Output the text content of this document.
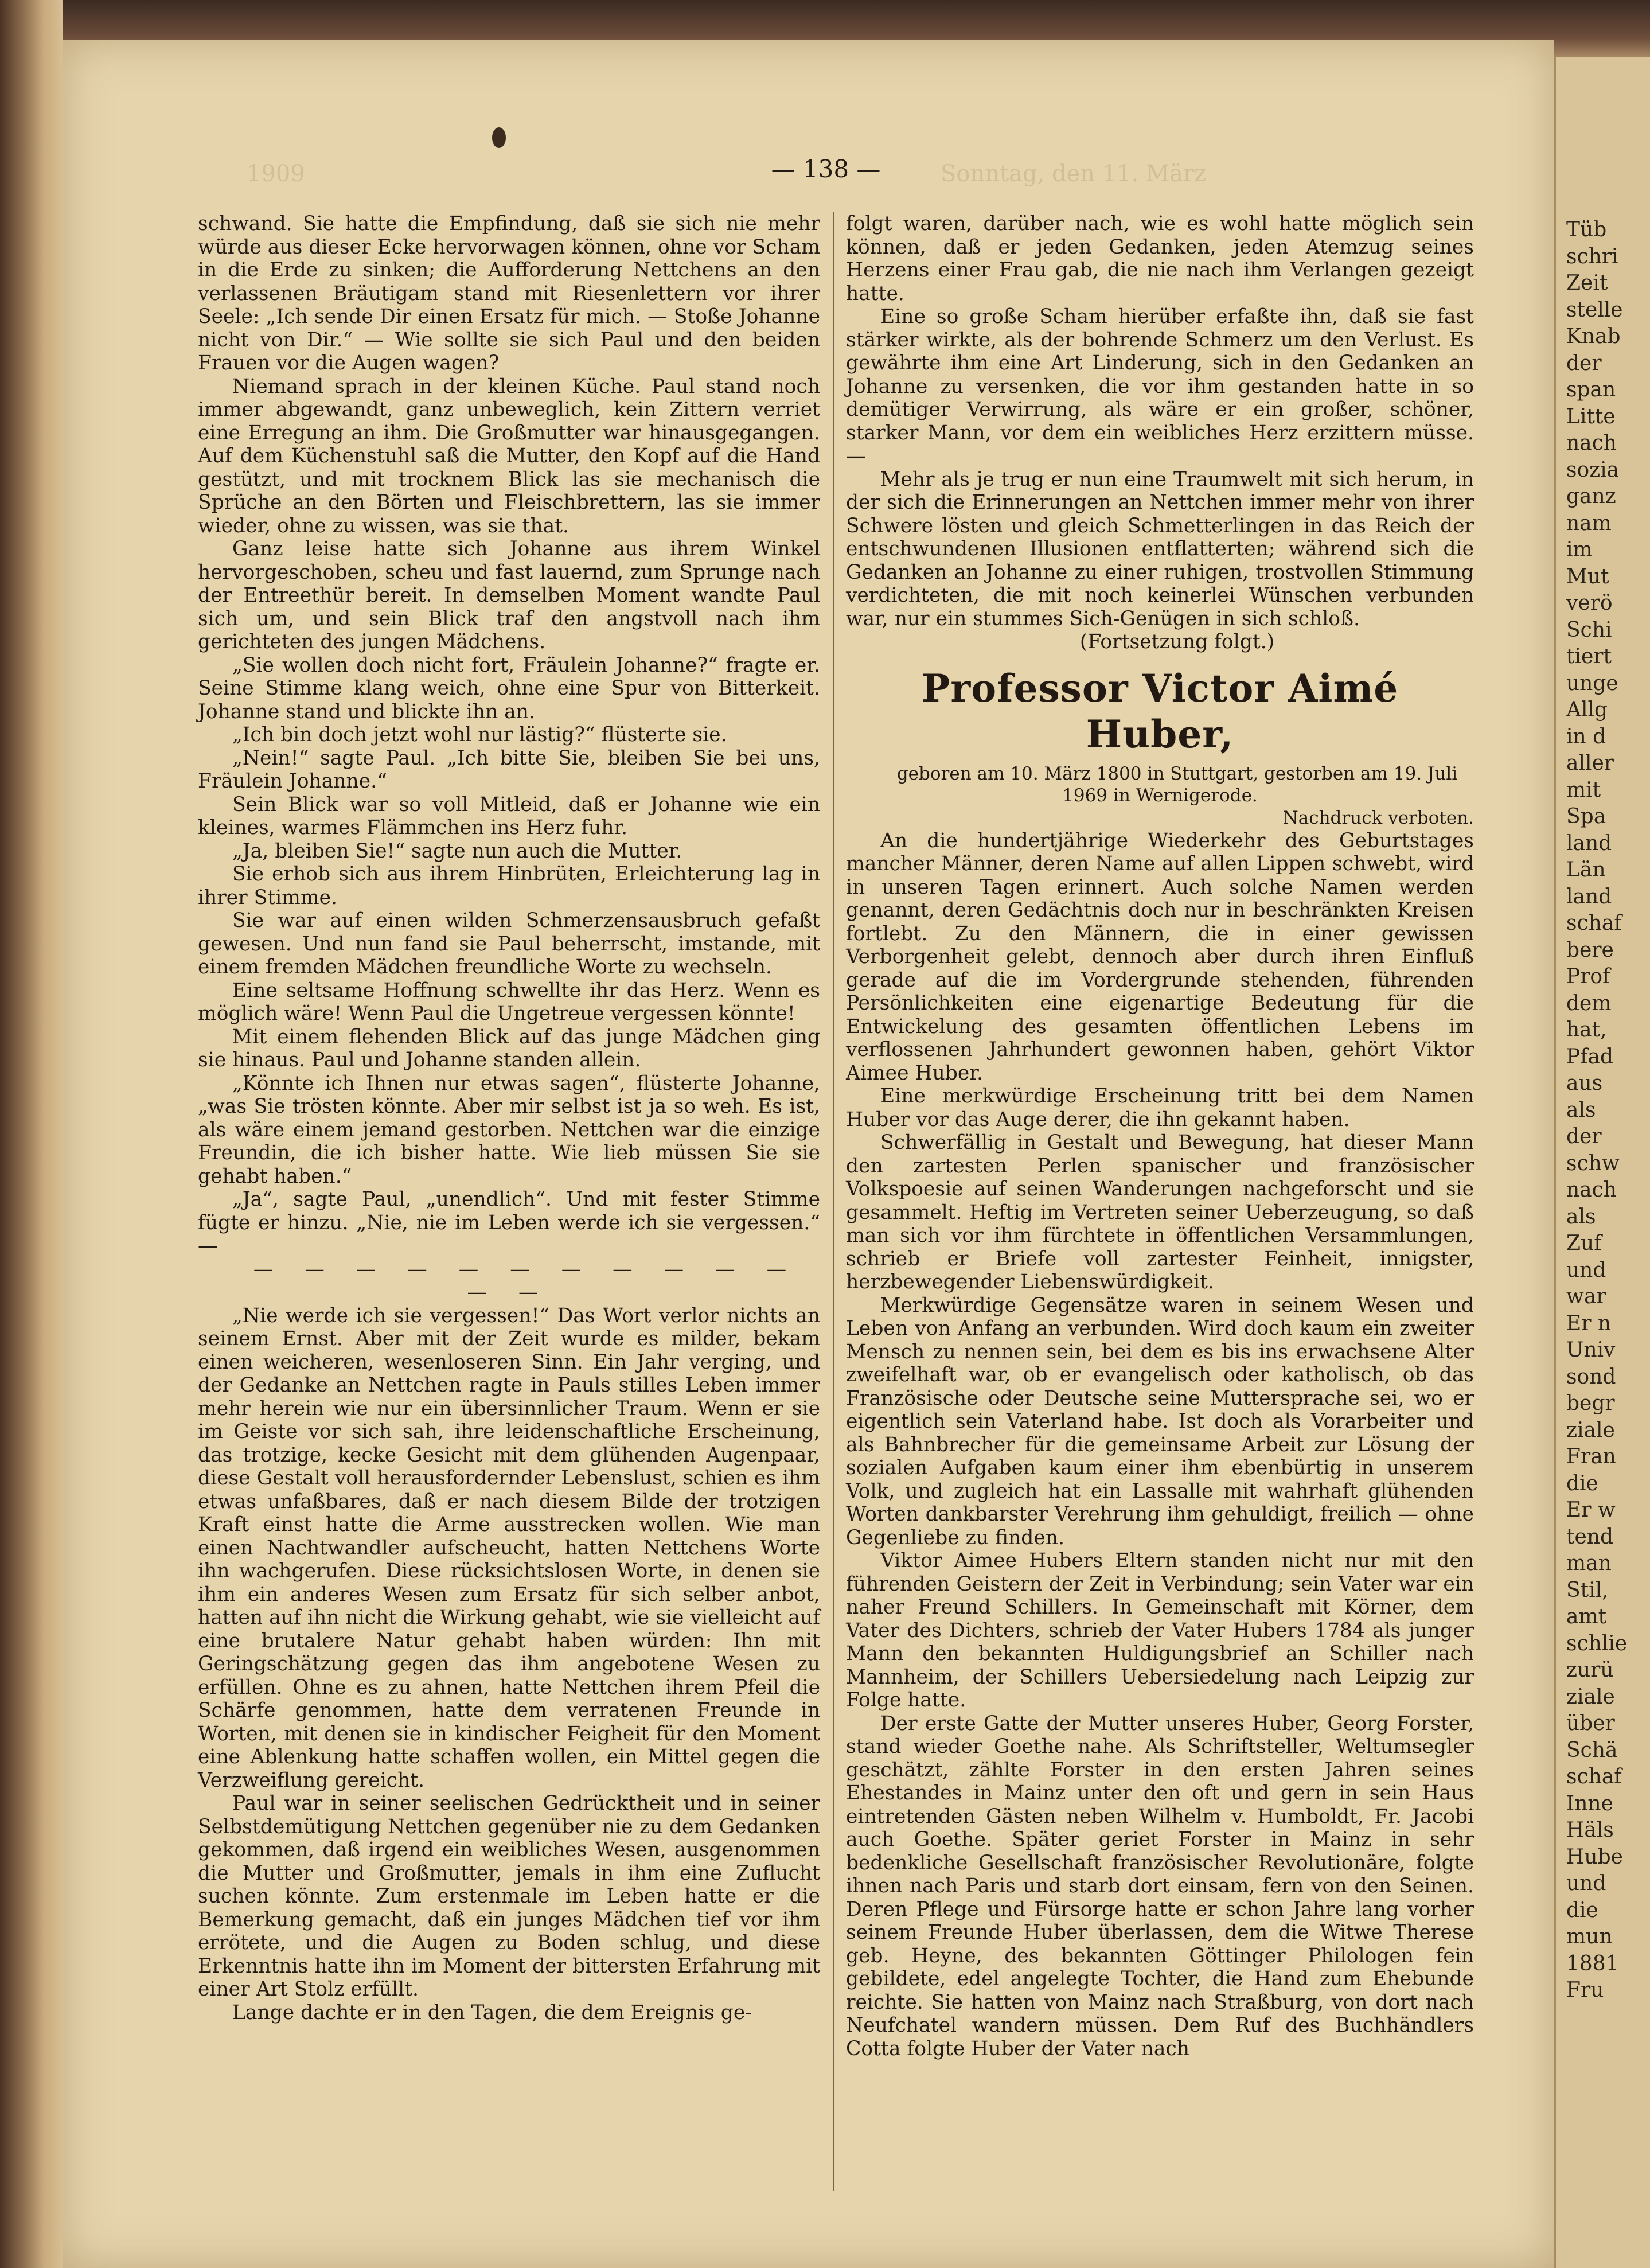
1909	Sonntag, den 11. März
— 138 —

schwand. Sie hatte die Empfindung, daß sie sich nie mehr würde aus dieser Ecke hervorwagen können, ohne vor Scham in die Erde zu sinken; die Aufforderung Nettchens an den verlassenen Bräutigam stand mit Riesenlettern vor ihrer Seele: „Ich sende Dir einen Ersatz für mich. — Stoße Johanne nicht von Dir.“ — Wie sollte sie sich Paul und den beiden Frauen vor die Augen wagen?

Niemand sprach in der kleinen Küche. Paul stand noch immer abgewandt, ganz unbeweglich, kein Zittern verriet eine Erregung an ihm. Die Großmutter war hinausgegangen. Auf dem Küchenstuhl saß die Mutter, den Kopf auf die Hand gestützt, und mit trocknem Blick las sie mechanisch die Sprüche an den Börten und Fleischbrettern, las sie immer wieder, ohne zu wissen, was sie that.

Ganz leise hatte sich Johanne aus ihrem Winkel hervorgeschoben, scheu und fast lauernd, zum Sprunge nach der Entreethür bereit. In demselben Moment wandte Paul sich um, und sein Blick traf den angstvoll nach ihm gerichteten des jungen Mädchens.

„Sie wollen doch nicht fort, Fräulein Johanne?“ fragte er. Seine Stimme klang weich, ohne eine Spur von Bitterkeit. Johanne stand und blickte ihn an.

„Ich bin doch jetzt wohl nur lästig?“ flüsterte sie.

„Nein!“ sagte Paul. „Ich bitte Sie, bleiben Sie bei uns, Fräulein Johanne.“

Sein Blick war so voll Mitleid, daß er Johanne wie ein kleines, warmes Flämmchen ins Herz fuhr.

„Ja, bleiben Sie!“ sagte nun auch die Mutter.

Sie erhob sich aus ihrem Hinbrüten, Erleichterung lag in ihrer Stimme.

Sie war auf einen wilden Schmerzensausbruch gefaßt gewesen. Und nun fand sie Paul beherrscht, imstande, mit einem fremden Mädchen freundliche Worte zu wechseln.

Eine seltsame Hoffnung schwellte ihr das Herz. Wenn es möglich wäre! Wenn Paul die Ungetreue vergessen könnte!

Mit einem flehenden Blick auf das junge Mädchen ging sie hinaus. Paul und Johanne standen allein.

„Könnte ich Ihnen nur etwas sagen“, flüsterte Johanne, „was Sie trösten könnte. Aber mir selbst ist ja so weh. Es ist, als wäre einem jemand gestorben. Nettchen war die einzige Freundin, die ich bisher hatte. Wie lieb müssen Sie sie gehabt haben.“

„Ja“, sagte Paul, „unendlich“. Und mit fester Stimme fügte er hinzu. „Nie, nie im Leben werde ich sie vergessen.“ —

— — — — — — — — — — — — —

„Nie werde ich sie vergessen!“ Das Wort verlor nichts an seinem Ernst. Aber mit der Zeit wurde es milder, bekam einen weicheren, wesenloseren Sinn. Ein Jahr verging, und der Gedanke an Nettchen ragte in Pauls stilles Leben immer mehr herein wie nur ein übersinnlicher Traum. Wenn er sie im Geiste vor sich sah, ihre leidenschaftliche Erscheinung, das trotzige, kecke Gesicht mit dem glühenden Augenpaar, diese Gestalt voll herausfordernder Lebenslust, schien es ihm etwas unfaßbares, daß er nach diesem Bilde der trotzigen Kraft einst hatte die Arme ausstrecken wollen. Wie man einen Nachtwandler aufscheucht, hatten Nettchens Worte ihn wachgerufen. Diese rücksichtslosen Worte, in denen sie ihm ein anderes Wesen zum Ersatz für sich selber anbot, hatten auf ihn nicht die Wirkung gehabt, wie sie vielleicht auf eine brutalere Natur gehabt haben würden: Ihn mit Geringschätzung gegen das ihm angebotene Wesen zu erfüllen. Ohne es zu ahnen, hatte Nettchen ihrem Pfeil die Schärfe genommen, hatte dem verratenen Freunde in Worten, mit denen sie in kindischer Feigheit für den Moment eine Ablenkung hatte schaffen wollen, ein Mittel gegen die Verzweiflung gereicht.

Paul war in seiner seelischen Gedrücktheit und in seiner Selbstdemütigung Nettchen gegenüber nie zu dem Gedanken gekommen, daß irgend ein weibliches Wesen, ausgenommen die Mutter und Großmutter, jemals in ihm eine Zuflucht suchen könnte. Zum erstenmale im Leben hatte er die Bemerkung gemacht, daß ein junges Mädchen tief vor ihm errötete, und die Augen zu Boden schlug, und diese Erkenntnis hatte ihn im Moment der bittersten Erfahrung mit einer Art Stolz erfüllt.

Lange dachte er in den Tagen, die dem Ereignis ge-

folgt waren, darüber nach, wie es wohl hatte möglich sein können, daß er jeden Gedanken, jeden Atemzug seines Herzens einer Frau gab, die nie nach ihm Verlangen gezeigt hatte.

Eine so große Scham hierüber erfaßte ihn, daß sie fast stärker wirkte, als der bohrende Schmerz um den Verlust. Es gewährte ihm eine Art Linderung, sich in den Gedanken an Johanne zu versenken, die vor ihm gestanden hatte in so demütiger Verwirrung, als wäre er ein großer, schöner, starker Mann, vor dem ein weibliches Herz erzittern müsse. —

Mehr als je trug er nun eine Traumwelt mit sich herum, in der sich die Erinnerungen an Nettchen immer mehr von ihrer Schwere lösten und gleich Schmetterlingen in das Reich der entschwundenen Illusionen entflatterten; während sich die Gedanken an Johanne zu einer ruhigen, trostvollen Stimmung verdichteten, die mit noch keinerlei Wünschen verbunden war, nur ein stummes Sich-Genügen in sich schloß.

(Fortsetzung folgt.)

Professor Victor Aimé Huber,

geboren am 10. März 1800 in Stuttgart, gestorben am 19. Juli 1969 in Wernigerode.

Nachdruck verboten.

An die hundertjährige Wiederkehr des Geburtstages mancher Männer, deren Name auf allen Lippen schwebt, wird in unseren Tagen erinnert. Auch solche Namen werden genannt, deren Gedächtnis doch nur in beschränkten Kreisen fortlebt. Zu den Männern, die in einer gewissen Verborgenheit gelebt, dennoch aber durch ihren Einfluß gerade auf die im Vordergrunde stehenden, führenden Persönlichkeiten eine eigenartige Bedeutung für die Entwickelung des gesamten öffentlichen Lebens im verflossenen Jahrhundert gewonnen haben, gehört Viktor Aimee Huber.

Eine merkwürdige Erscheinung tritt bei dem Namen Huber vor das Auge derer, die ihn gekannt haben.

Schwerfällig in Gestalt und Bewegung, hat dieser Mann den zartesten Perlen spanischer und französischer Volkspoesie auf seinen Wanderungen nachgeforscht und sie gesammelt. Heftig im Vertreten seiner Ueberzeugung, so daß man sich vor ihm fürchtete in öffentlichen Versammlungen, schrieb er Briefe voll zartester Feinheit, innigster, herzbewegender Liebenswürdigkeit.

Merkwürdige Gegensätze waren in seinem Wesen und Leben von Anfang an verbunden. Wird doch kaum ein zweiter Mensch zu nennen sein, bei dem es bis ins erwachsene Alter zweifelhaft war, ob er evangelisch oder katholisch, ob das Französische oder Deutsche seine Muttersprache sei, wo er eigentlich sein Vaterland habe. Ist doch als Vorarbeiter und als Bahnbrecher für die gemeinsame Arbeit zur Lösung der sozialen Aufgaben kaum einer ihm ebenbürtig in unserem Volk, und zugleich hat ein Lassalle mit wahrhaft glühenden Worten dankbarster Verehrung ihm gehuldigt, freilich — ohne Gegenliebe zu finden.

Viktor Aimee Hubers Eltern standen nicht nur mit den führenden Geistern der Zeit in Verbindung; sein Vater war ein naher Freund Schillers. In Gemeinschaft mit Körner, dem Vater des Dichters, schrieb der Vater Hubers 1784 als junger Mann den bekannten Huldigungsbrief an Schiller nach Mannheim, der Schillers Uebersiedelung nach Leipzig zur Folge hatte.

Der erste Gatte der Mutter unseres Huber, Georg Forster, stand wieder Goethe nahe. Als Schriftsteller, Weltumsegler geschätzt, zählte Forster in den ersten Jahren seines Ehestandes in Mainz unter den oft und gern in sein Haus eintretenden Gästen neben Wilhelm v. Humboldt, Fr. Jacobi auch Goethe. Später geriet Forster in Mainz in sehr bedenkliche Gesellschaft französischer Revolutionäre, folgte ihnen nach Paris und starb dort einsam, fern von den Seinen. Deren Pflege und Fürsorge hatte er schon Jahre lang vorher seinem Freunde Huber überlassen, dem die Witwe Therese geb. Heyne, des bekannten Göttinger Philologen fein gebildete, edel angelegte Tochter, die Hand zum Ehebunde reichte. Sie hatten von Mainz nach Straßburg, von dort nach Neufchatel wandern müssen. Dem Ruf des Buchhändlers Cotta folgte Huber der Vater nach

Tüb
schri
Zeit
stelle
Knab
der
span
Litte
nach
sozia
ganz
nam
im
Mut
verö
Schi
tiert
unge
Allg
in d
aller
mit
Spa
land
Län
land
schaf
bere
Prof
dem
hat,
Pfad
aus
als
der
schw
nach
als
Zuf
und
war
Er n
Univ
sond
begr
ziale
Fran
die
Er w
tend
man
Stil,
amt
schlie
zurü
ziale
über
Schä
schaf
Inne
Häls
Hube
und
die
mun
1881
Fru
